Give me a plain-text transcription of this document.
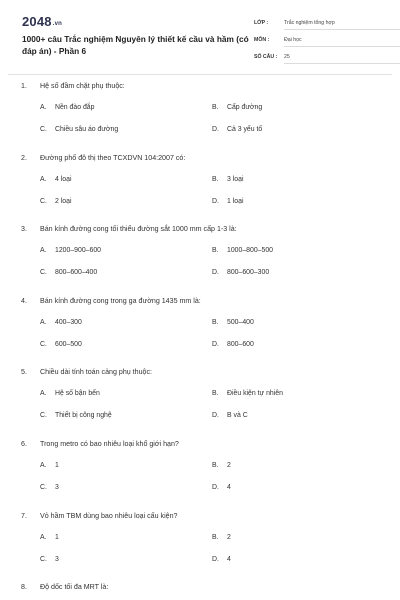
2048.vn
1000+ câu Trắc nghiệm Nguyên lý thiết kế cầu và hầm (có đáp án) - Phần 6
LỚP :	Trắc nghiệm tổng hợp
MÔN :	Đại học
SỐ CÂU : 25
1. Hệ số đầm chặt phụ thuộc:
A. Nền đào đắp	B. Cấp đường
C. Chiều sâu áo đường	D. Cả 3 yếu tố
2. Đường phố đô thị theo TCXDVN 104:2007 có:
A. 4 loại	B. 3 loại
C. 2 loại	D. 1 loại
3. Bán kính đường cong tối thiểu đường sắt 1000 mm cấp 1-3 là:
A. 1200–900–600	B. 1000–800–500
C. 800–600–400	D. 800–600–300
4. Bán kính đường cong trong ga đường 1435 mm là:
A. 400–300	B. 500–400
C. 600–500	D. 800–600
5. Chiều dài tính toán cảng phụ thuộc:
A. Hệ số bận bến	B. Điều kiện tự nhiên
C. Thiết bị công nghệ	D. B và C
6. Trong metro có bao nhiêu loại khổ giới hạn?
A. 1	B. 2
C. 3	D. 4
7. Vỏ hầm TBM dùng bao nhiêu loại cấu kiện?
A. 1	B. 2
C. 3	D. 4
8. Độ dốc tối đa MRT là:
